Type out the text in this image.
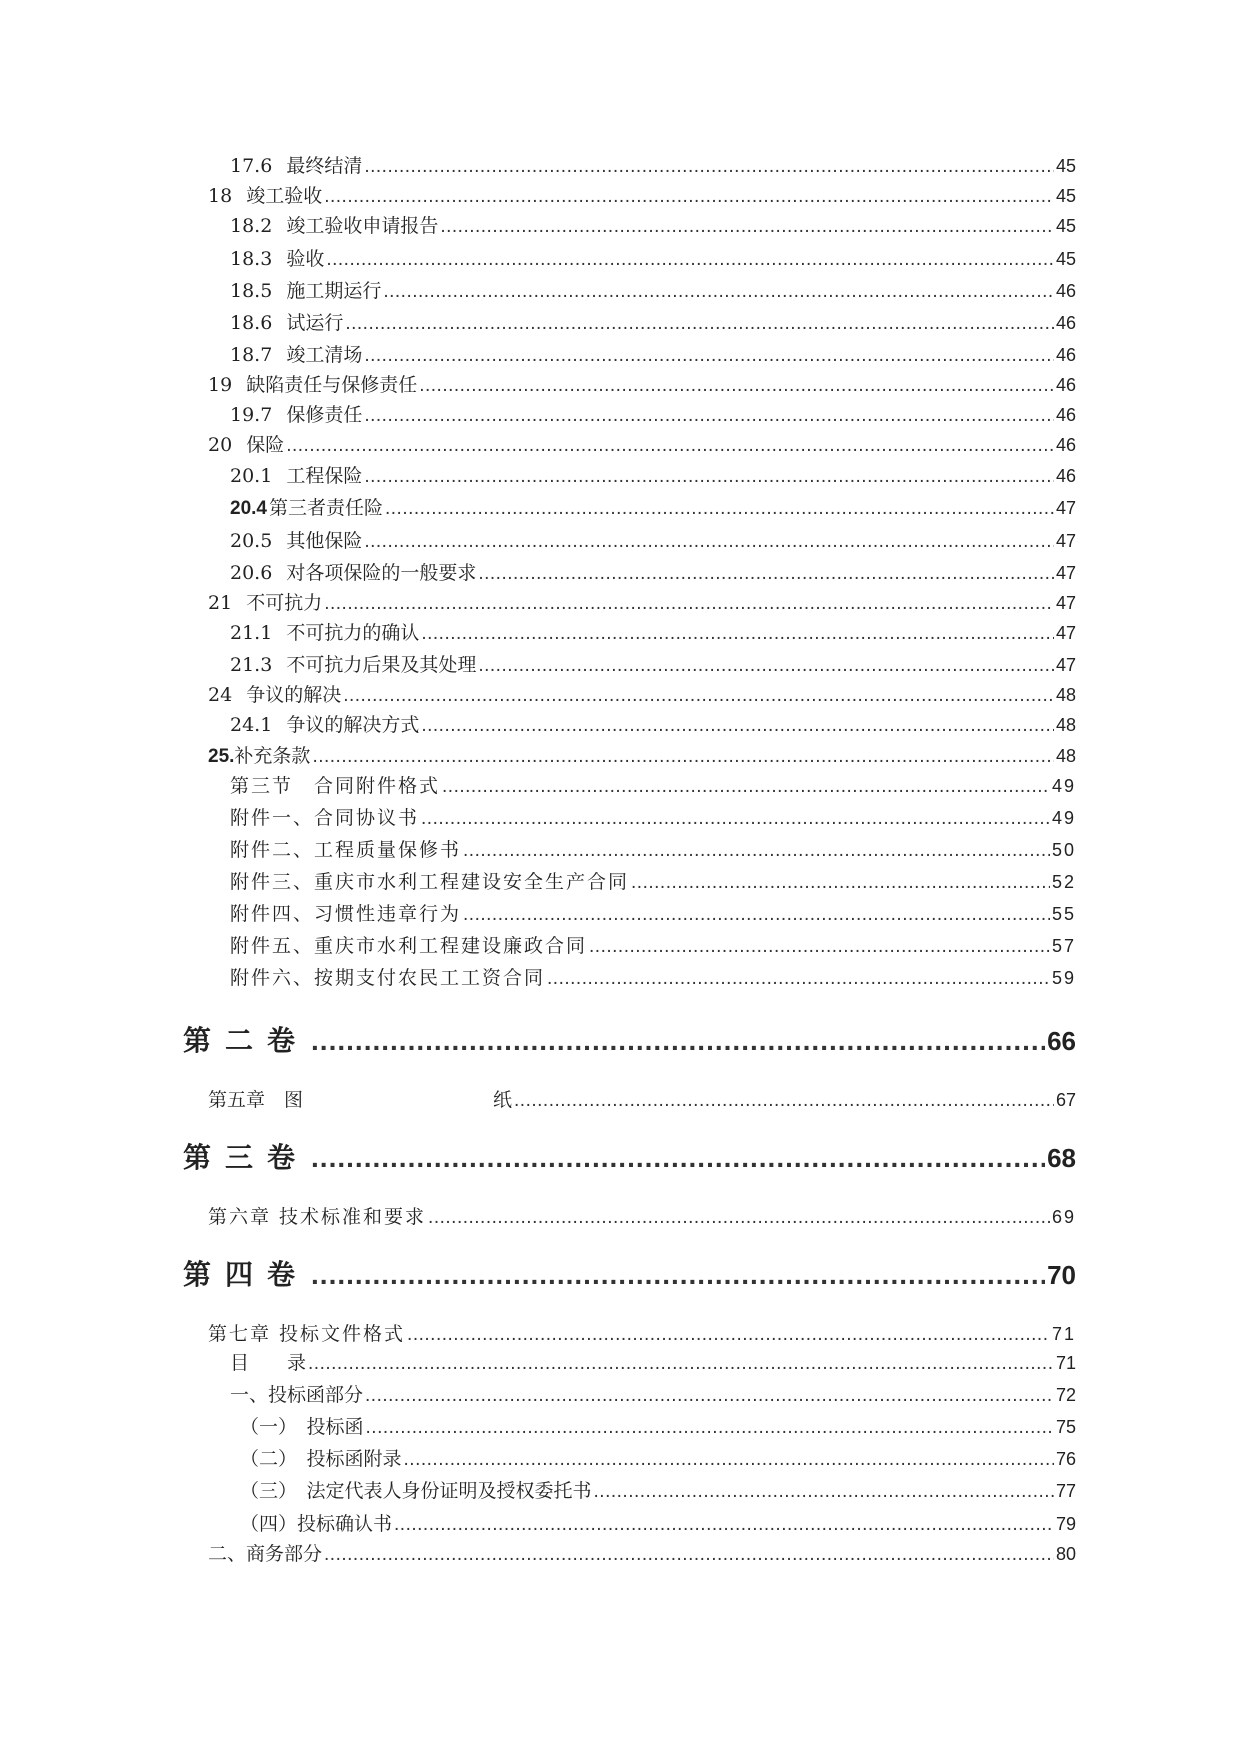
17.6 最终结清 .....	45
18 竣工验收 .....	45
18.2 竣工验收申请报告 .....	45
18.3 验收 .....	45
18.5 施工期运行 .....	46
18.6 试运行 .....	46
18.7 竣工清场 .....	46
19 缺陷责任与保修责任 .....	46
19.7 保修责任 .....	46
20 保险 .....	46
20.1 工程保险 .....	46
20.4 第三者责任险 .....	47
20.5 其他保险 .....	47
20.6 对各项保险的一般要求 .....	47
21 不可抗力 .....	47
21.1 不可抗力的确认 .....	47
21.3 不可抗力后果及其处理 .....	47
24 争议的解决 .....	48
24.1 争议的解决方式 .....	48
25. 补充条款 .....	48
第三节　合同附件格式 .....	49
附件一、合同协议书 .....	49
附件二、工程质量保修书 .....	50
附件三、重庆市水利工程建设安全生产合同 .....	52
附件四、习惯性违章行为 .....	55
附件五、重庆市水利工程建设廉政合同 .....	57
附件六、按期支付农民工工资合同 .....	59
第二卷 .....	66
第五章　图　　　　　　　　　　纸 .....	67
第三卷 .....	68
第六章 技术标准和要求 .....	69
第四卷 .....	70
第七章 投标文件格式 .....	71
目　　录 .....	71
一、投标函部分 .....	72
（一）　投标函 .....	75
（二）　投标函附录 .....	76
（三）　法定代表人身份证明及授权委托书 .....	77
（四）投标确认书 .....	79
二、商务部分 .....	80
